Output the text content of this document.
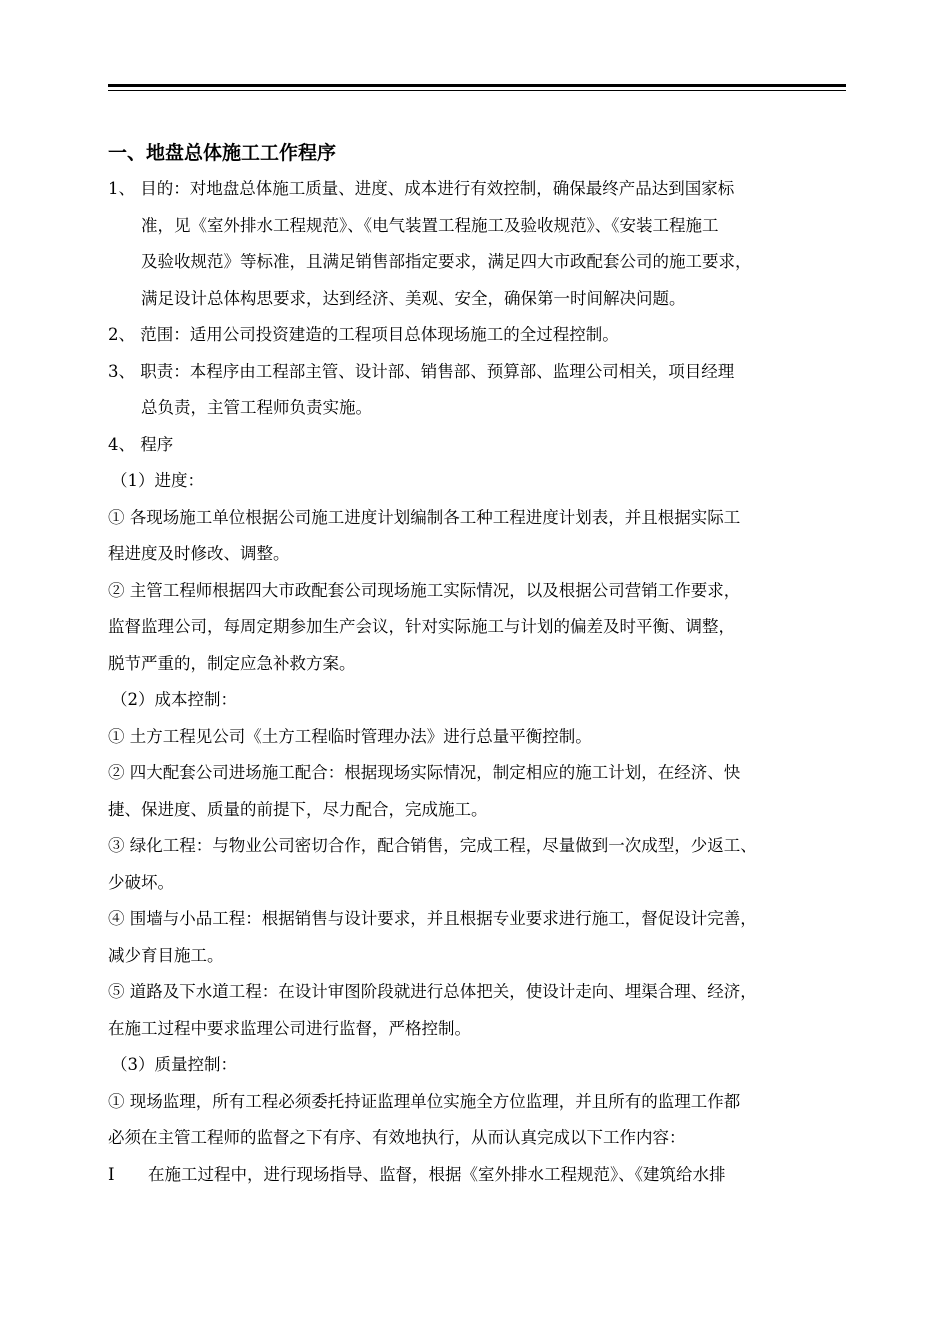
一、地盘总体施工工作程序
1、 目的：对地盘总体施工质量、进度、成本进行有效控制，确保最终产品达到国家标
准，见《室外排水工程规范》、《电气装置工程施工及验收规范》、《安装工程施工
及验收规范》等标准，且满足销售部指定要求，满足四大市政配套公司的施工要求，
满足设计总体构思要求，达到经济、美观、安全，确保第一时间解决问题。
2、 范围：适用公司投资建造的工程项目总体现场施工的全过程控制。
3、 职责：本程序由工程部主管、设计部、销售部、预算部、监理公司相关，项目经理
总负责，主管工程师负责实施。
4、 程序
（1）进度：
① 各现场施工单位根据公司施工进度计划编制各工种工程进度计划表，并且根据实际工
程进度及时修改、调整。
② 主管工程师根据四大市政配套公司现场施工实际情况，以及根据公司营销工作要求，
监督监理公司，每周定期参加生产会议，针对实际施工与计划的偏差及时平衡、调整，
脱节严重的，制定应急补救方案。
（2）成本控制：
① 土方工程见公司《土方工程临时管理办法》进行总量平衡控制。
② 四大配套公司进场施工配合：根据现场实际情况，制定相应的施工计划，在经济、快
捷、保进度、质量的前提下，尽力配合，完成施工。
③ 绿化工程：与物业公司密切合作，配合销售，完成工程，尽量做到一次成型，少返工、
少破坏。
④ 围墙与小品工程：根据销售与设计要求，并且根据专业要求进行施工，督促设计完善，
减少育目施工。
⑤ 道路及下水道工程：在设计审图阶段就进行总体把关，使设计走向、埋渠合理、经济，
在施工过程中要求监理公司进行监督，严格控制。
（3）质量控制：
① 现场监理，所有工程必须委托持证监理单位实施全方位监理，并且所有的监理工作都
必须在主管工程师的监督之下有序、有效地执行，从而认真完成以下工作内容：
Ⅰ 在施工过程中，进行现场指导、监督，根据《室外排水工程规范》、《建筑给水排
